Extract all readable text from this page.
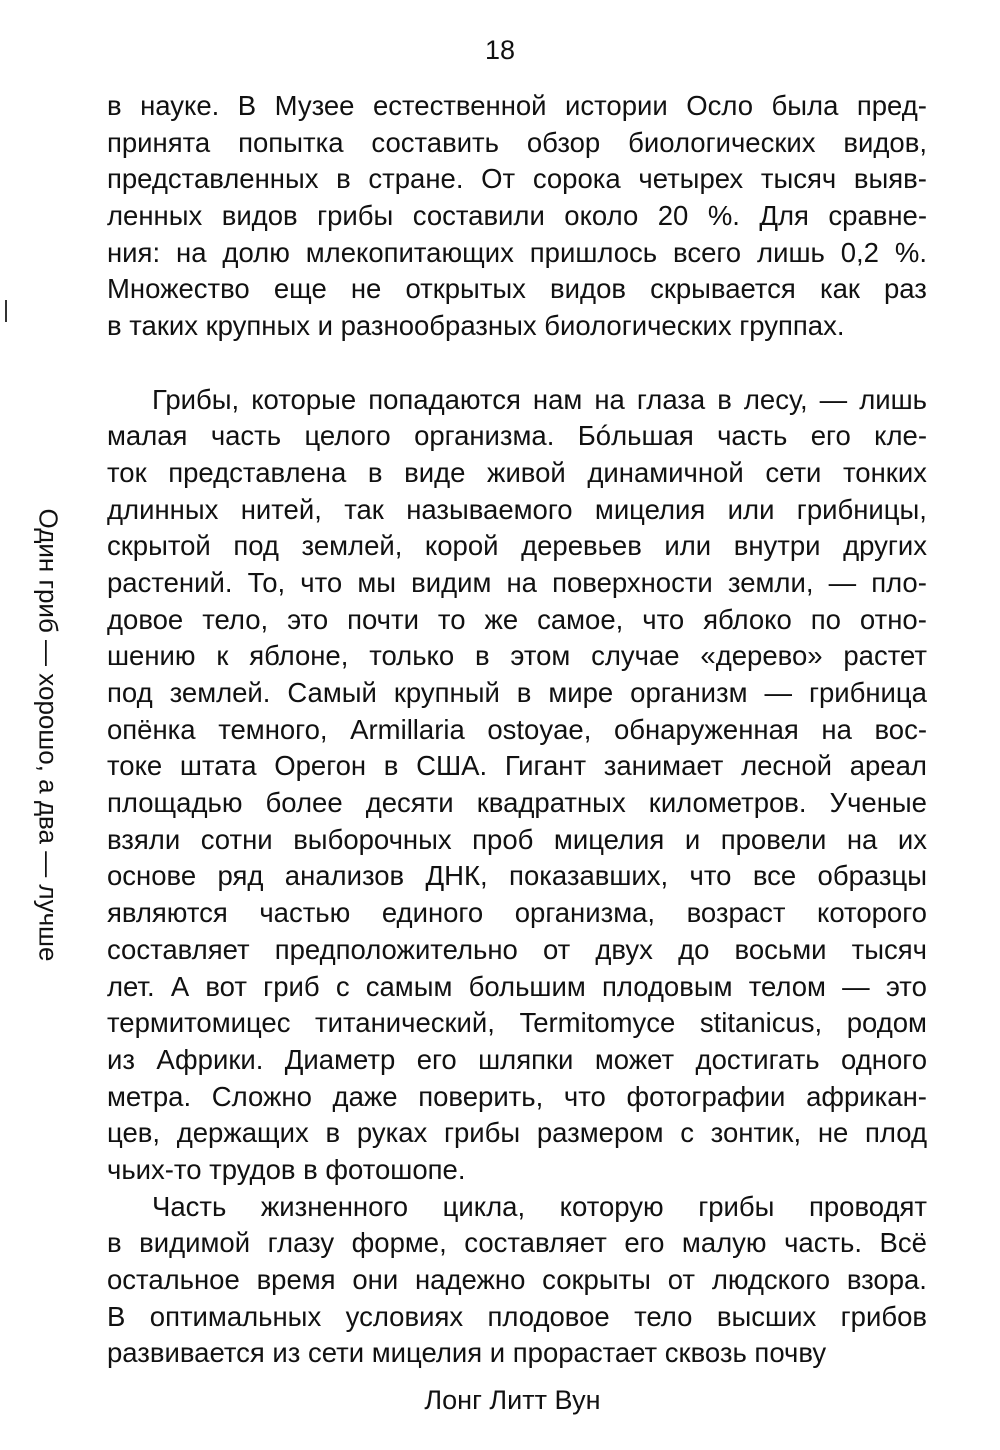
18
Один гриб — хорошо, а два — лучше
в науке. В Музее естественной истории Осло была пред-
принята попытка составить обзор биологических видов,
представленных в стране. От сорока четырех тысяч выяв-
ленных видов грибы составили около 20 %. Для сравне-
ния: на долю млекопитающих пришлось всего лишь 0,2 %.
Множество еще не открытых видов скрывается как раз
в таких крупных и разнообразных биологических группах.
Грибы, которые попадаются нам на глаза в лесу, — лишь
малая часть целого организма. Бóльшая часть его кле-
ток представлена в виде живой динамичной сети тонких
длинных нитей, так называемого мицелия или грибницы,
скрытой под землей, корой деревьев или внутри других
растений. То, что мы видим на поверхности земли, — пло-
довое тело, это почти то же самое, что яблоко по отно-
шению к яблоне, только в этом случае «дерево» растет
под землей. Самый крупный в мире организм — грибница
опёнка темного, Armillaria ostoyae, обнаруженная на вос-
токе штата Орегон в США. Гигант занимает лесной ареал
площадью более десяти квадратных километров. Ученые
взяли сотни выборочных проб мицелия и провели на их
основе ряд анализов ДНК, показавших, что все образцы
являются частью единого организма, возраст которого
составляет предположительно от двух до восьми тысяч
лет. А вот гриб с самым большим плодовым телом — это
термитомицес титанический, Termitomyce stitanicus, родом
из Африки. Диаметр его шляпки может достигать одного
метра. Сложно даже поверить, что фотографии африкан-
цев, держащих в руках грибы размером с зонтик, не плод
чьих-то трудов в фотошопе.
Часть жизненного цикла, которую грибы проводят
в видимой глазу форме, составляет его малую часть. Всё
остальное время они надежно сокрыты от людского взора.
В оптимальных условиях плодовое тело высших грибов
развивается из сети мицелия и прорастает сквозь почву
Лонг Литт Вун
